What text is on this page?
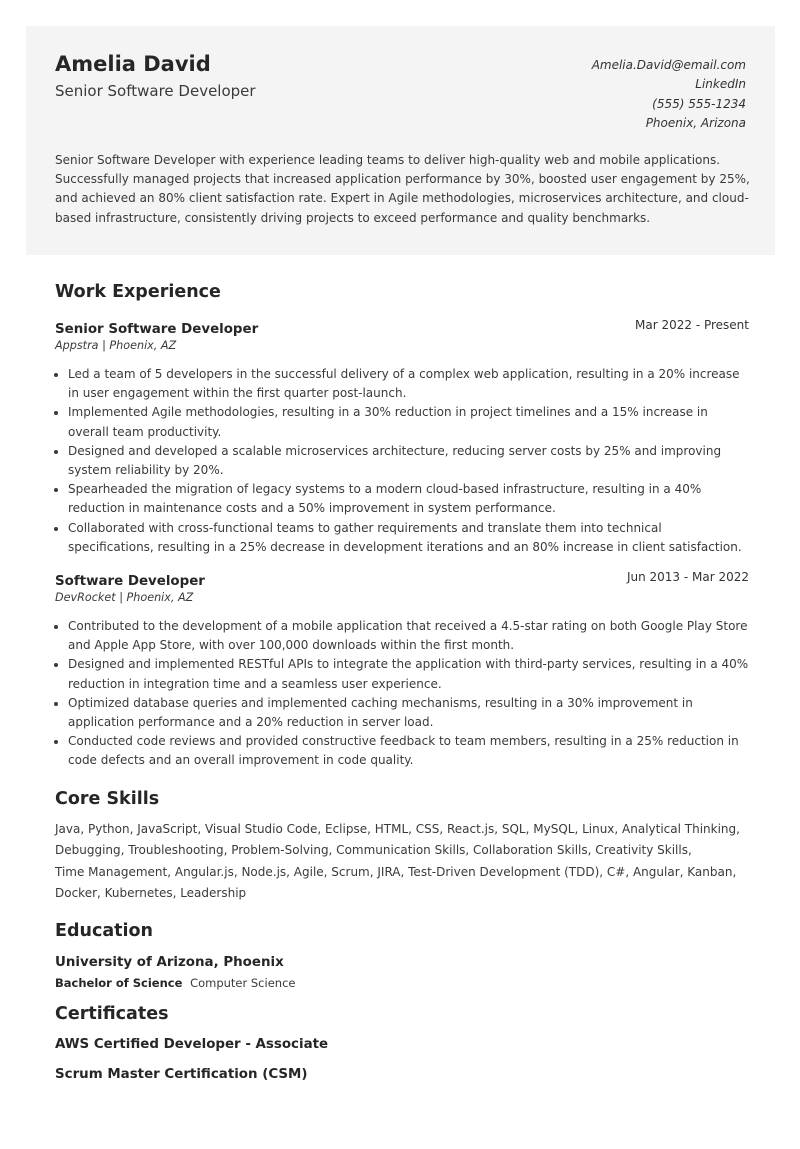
Amelia David
Senior Software Developer
Amelia.David@email.com
LinkedIn
(555) 555-1234
Phoenix, Arizona
Senior Software Developer with experience leading teams to deliver high-quality web and mobile applications. Successfully managed projects that increased application performance by 30%, boosted user engagement by 25%, and achieved an 80% client satisfaction rate. Expert in Agile methodologies, microservices architecture, and cloud-based infrastructure, consistently driving projects to exceed performance and quality benchmarks.
Work Experience
Senior Software Developer	Mar 2022 - Present
Appstra | Phoenix, AZ
• Led a team of 5 developers in the successful delivery of a complex web application, resulting in a 20% increase in user engagement within the first quarter post-launch.
• Implemented Agile methodologies, resulting in a 30% reduction in project timelines and a 15% increase in overall team productivity.
• Designed and developed a scalable microservices architecture, reducing server costs by 25% and improving system reliability by 20%.
• Spearheaded the migration of legacy systems to a modern cloud-based infrastructure, resulting in a 40% reduction in maintenance costs and a 50% improvement in system performance.
• Collaborated with cross-functional teams to gather requirements and translate them into technical specifications, resulting in a 25% decrease in development iterations and an 80% increase in client satisfaction.
Software Developer	Jun 2013 - Mar 2022
DevRocket | Phoenix, AZ
• Contributed to the development of a mobile application that received a 4.5-star rating on both Google Play Store and Apple App Store, with over 100,000 downloads within the first month.
• Designed and implemented RESTful APIs to integrate the application with third-party services, resulting in a 40% reduction in integration time and a seamless user experience.
• Optimized database queries and implemented caching mechanisms, resulting in a 30% improvement in application performance and a 20% reduction in server load.
• Conducted code reviews and provided constructive feedback to team members, resulting in a 25% reduction in code defects and an overall improvement in code quality.
Core Skills
Java, Python, JavaScript, Visual Studio Code, Eclipse, HTML, CSS, React.js, SQL, MySQL, Linux, Analytical Thinking,
Debugging, Troubleshooting, Problem-Solving, Communication Skills, Collaboration Skills, Creativity Skills,
Time Management, Angular.js, Node.js, Agile, Scrum, JIRA, Test-Driven Development (TDD), C#, Angular, Kanban,
Docker, Kubernetes, Leadership
Education
University of Arizona, Phoenix
Bachelor of Science Computer Science
Certificates
AWS Certified Developer - Associate
Scrum Master Certification (CSM)
